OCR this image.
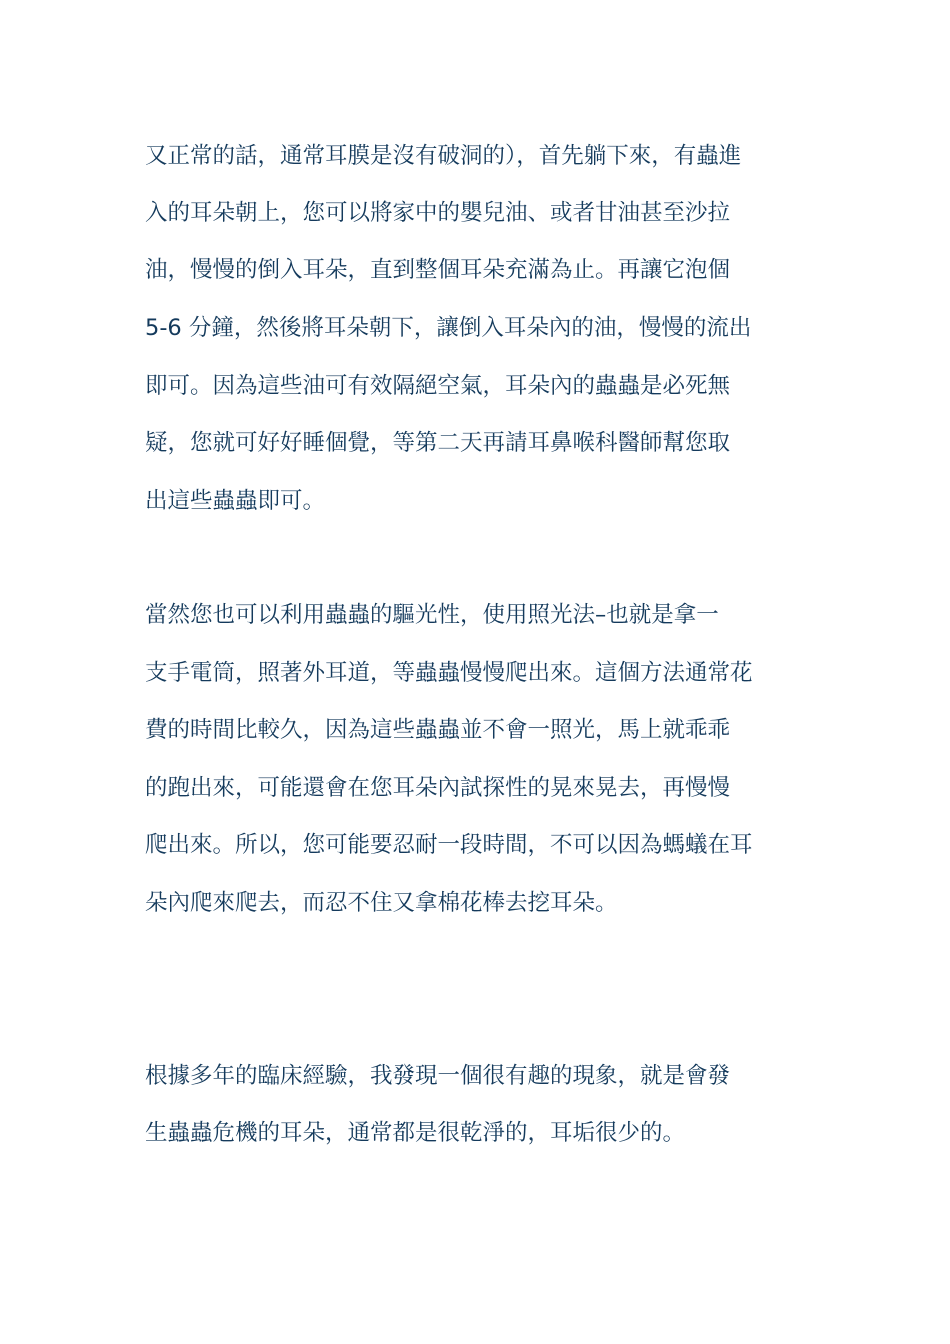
又正常的話，通常耳膜是沒有破洞的），首先躺下來，有蟲進
入的耳朵朝上，您可以將家中的嬰兒油、或者甘油甚至沙拉
油，慢慢的倒入耳朵，直到整個耳朵充滿為止。再讓它泡個
5-6 分鐘，然後將耳朵朝下，讓倒入耳朵內的油，慢慢的流出
即可。因為這些油可有效隔絕空氣，耳朵內的蟲蟲是必死無
疑，您就可好好睡個覺，等第二天再請耳鼻喉科醫師幫您取
出這些蟲蟲即可。
當然您也可以利用蟲蟲的驅光性，使用照光法–也就是拿一
支手電筒，照著外耳道，等蟲蟲慢慢爬出來。這個方法通常花
費的時間比較久，因為這些蟲蟲並不會一照光，馬上就乖乖
的跑出來，可能還會在您耳朵內試探性的晃來晃去，再慢慢
爬出來。所以，您可能要忍耐一段時間，不可以因為螞蟻在耳
朵內爬來爬去，而忍不住又拿棉花棒去挖耳朵。
根據多年的臨床經驗，我發現一個很有趣的現象，就是會發
生蟲蟲危機的耳朵，通常都是很乾淨的，耳垢很少的。
